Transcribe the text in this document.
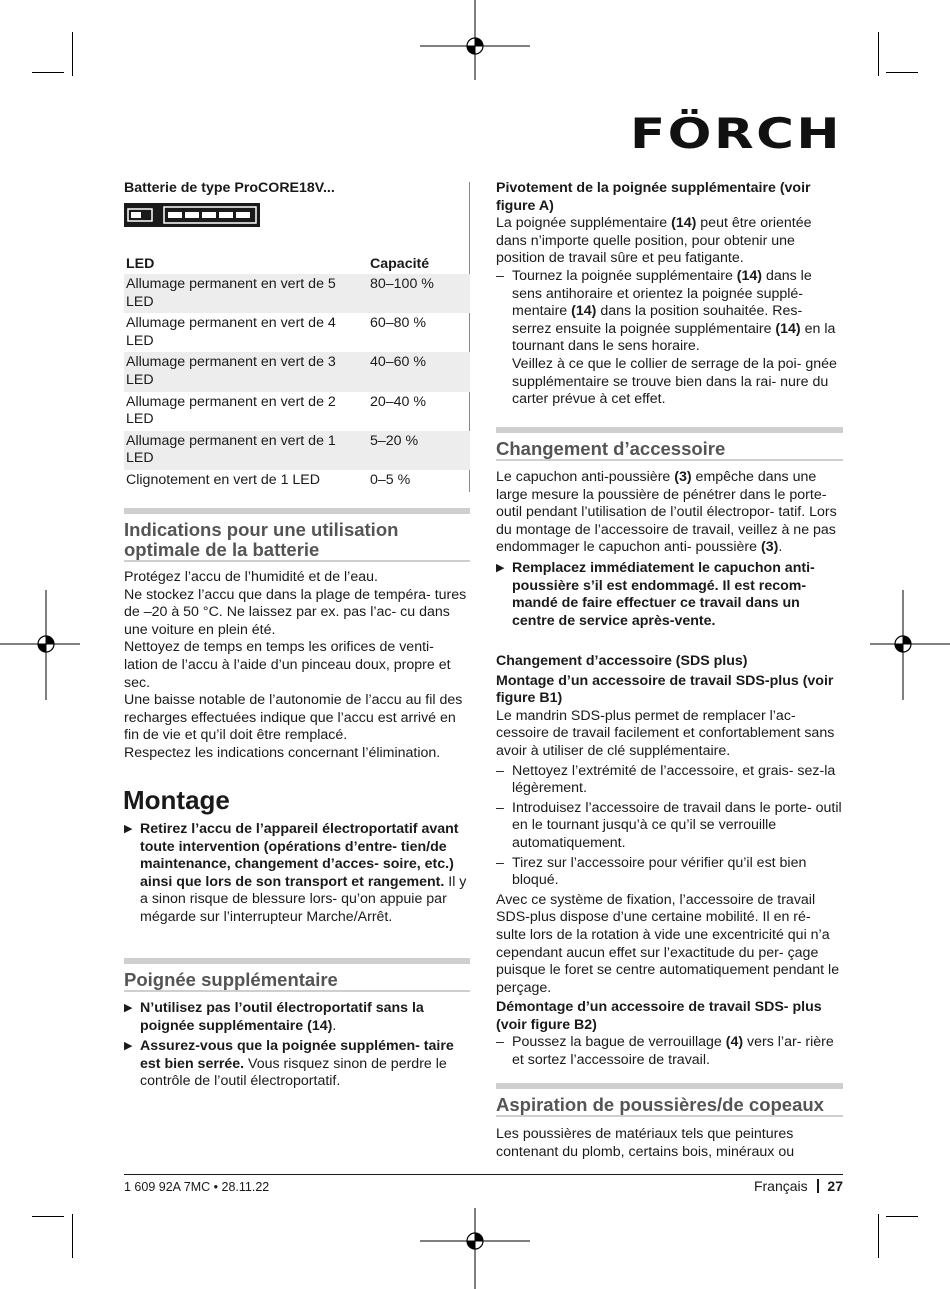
FÖRCH

Batterie de type ProCORE18V...

LED	Capacité
Allumage permanent en vert de 5 LED	80–100 %
Allumage permanent en vert de 4 LED	60–80 %
Allumage permanent en vert de 3 LED	40–60 %
Allumage permanent en vert de 2 LED	20–40 %
Allumage permanent en vert de 1 LED	5–20 %
Clignotement en vert de 1 LED	0–5 %
Indications pour une utilisation optimale de la batterie

Protégez l’accu de l’humidité et de l’eau.

Ne stockez l’accu que dans la plage de tempéra- tures de –20 à 50 °C. Ne laissez par ex. pas l’ac- cu dans une voiture en plein été.

Nettoyez de temps en temps les orifices de venti- lation de l’accu à l’aide d’un pinceau doux, propre et sec.

Une baisse notable de l’autonomie de l’accu au fil des recharges effectuées indique que l’accu est arrivé en fin de vie et qu’il doit être remplacé.

Respectez les indications concernant l’élimination.

Montage
▶ Retirez l’accu de l’appareil électroportatif avant toute intervention (opérations d’entre- tien/de maintenance, changement d’acces- soire, etc.) ainsi que lors de son transport et rangement. Il y a sinon risque de blessure lors- qu’on appuie par mégarde sur l’interrupteur Marche/Arrêt.
Poignée supplémentaire
▶ N’utilisez pas l’outil électroportatif sans la poignée supplémentaire (14).
▶ Assurez-vous que la poignée supplémen- taire est bien serrée. Vous risquez sinon de perdre le contrôle de l’outil électroportatif.

Pivotement de la poignée supplémentaire (voir figure A)

La poignée supplémentaire (14) peut être orientée dans n’importe quelle position, pour obtenir une position de travail sûre et peu fatigante.

– Tournez la poignée supplémentaire (14) dans le sens antihoraire et orientez la poignée supplé- mentaire (14) dans la position souhaitée. Res- serrez ensuite la poignée supplémentaire (14) en la tournant dans le sens horaire.

Veillez à ce que le collier de serrage de la poi- gnée supplémentaire se trouve bien dans la rai- nure du carter prévue à cet effet.

Changement d’accessoire

Le capuchon anti-poussière (3) empêche dans une large mesure la poussière de pénétrer dans le porte-outil pendant l’utilisation de l’outil électropor- tatif. Lors du montage de l’accessoire de travail, veillez à ne pas endommager le capuchon anti- poussière (3).

▶ Remplacez immédiatement le capuchon anti- poussière s’il est endommagé. Il est recom- mandé de faire effectuer ce travail dans un centre de service après-vente.

Changement d’accessoire (SDS plus)

Montage d’un accessoire de travail SDS-plus (voir figure B1)

Le mandrin SDS-plus permet de remplacer l’ac- cessoire de travail facilement et confortablement sans avoir à utiliser de clé supplémentaire.

– Nettoyez l’extrémité de l’accessoire, et grais- sez-la légèrement.
– Introduisez l’accessoire de travail dans le porte- outil en le tournant jusqu’à ce qu’il se verrouille automatiquement.
– Tirez sur l’accessoire pour vérifier qu’il est bien bloqué.

Avec ce système de fixation, l’accessoire de travail SDS-plus dispose d’une certaine mobilité. Il en ré- sulte lors de la rotation à vide une excentricité qui n’a cependant aucun effet sur l’exactitude du per- çage puisque le foret se centre automatiquement pendant le perçage.

Démontage d’un accessoire de travail SDS- plus (voir figure B2)

– Poussez la bague de verrouillage (4) vers l’ar- rière et sortez l’accessoire de travail.
Aspiration de poussières/de copeaux

Les poussières de matériaux tels que peintures contenant du plomb, certains bois, minéraux ou

1 609 92A 7MC • 28.11.22	Français 27
